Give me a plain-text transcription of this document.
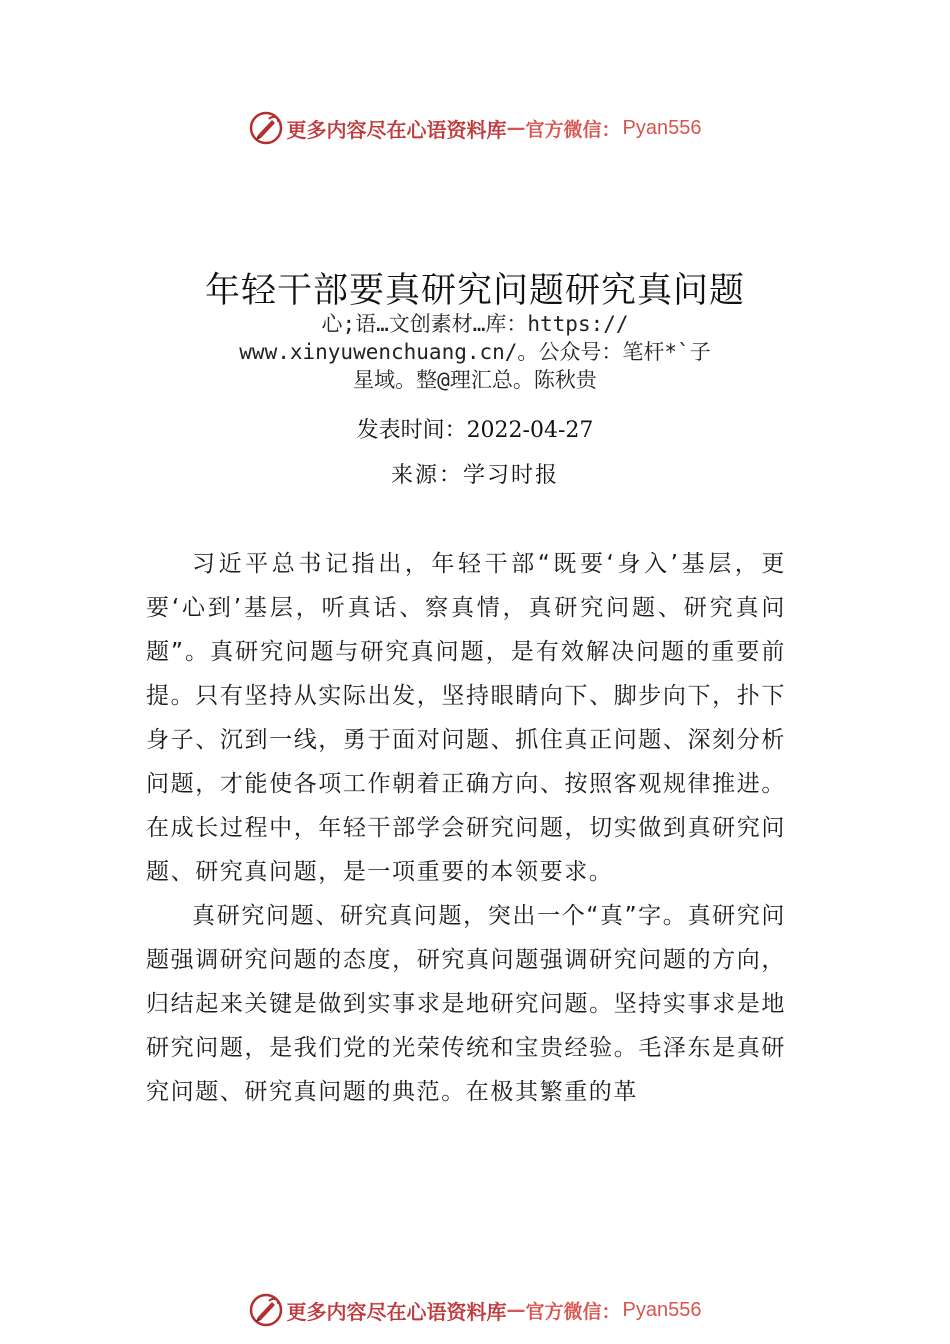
更多内容尽在心语资料库 — 官方微信： Pyan556
年轻干部要真研究问题研究真问题
心;语…文创素材…库：https://
www.xinyuwenchuang.cn/。公众号：笔杆*`子
星域。整@理汇总。陈秋贵
发表时间：2022-04-27
来源：学习时报

习近平总书记指出，年轻干部“既要‘身入’基层，更要‘心到’基层，听真话、察真情，真研究问题、研究真问题”。真研究问题与研究真问题，是有效解决问题的重要前提。只有坚持从实际出发，坚持眼睛向下、脚步向下，扑下身子、沉到一线，勇于面对问题、抓住真正问题、深刻分析问题，才能使各项工作朝着正确方向、按照客观规律推进。在成长过程中，年轻干部学会研究问题，切实做到真研究问题、研究真问题，是一项重要的本领要求。

真研究问题、研究真问题，突出一个“真”字。真研究问题强调研究问题的态度，研究真问题强调研究问题的方向，归结起来关键是做到实事求是地研究问题。坚持实事求是地研究问题，是我们党的光荣传统和宝贵经验。毛泽东是真研究问题、研究真问题的典范。在极其繁重的革

更多内容尽在心语资料库 — 官方微信： Pyan556
